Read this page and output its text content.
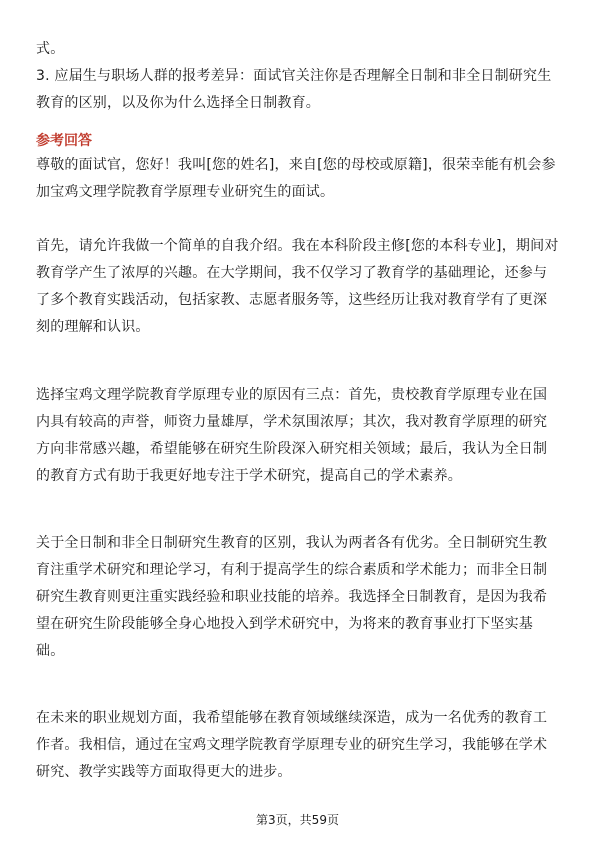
式。

3. 应届生与职场人群的报考差异：面试官关注你是否理解全日制和非全日制研究生教育的区别，以及你为什么选择全日制教育。

参考回答

尊敬的面试官，您好！我叫[您的姓名]，来自[您的母校或原籍]，很荣幸能有机会参加宝鸡文理学院教育学原理专业研究生的面试。

首先，请允许我做一个简单的自我介绍。我在本科阶段主修[您的本科专业]，期间对教育学产生了浓厚的兴趣。在大学期间，我不仅学习了教育学的基础理论，还参与了多个教育实践活动，包括家教、志愿者服务等，这些经历让我对教育学有了更深刻的理解和认识。

选择宝鸡文理学院教育学原理专业的原因有三点：首先，贵校教育学原理专业在国内具有较高的声誉，师资力量雄厚，学术氛围浓厚；其次，我对教育学原理的研究方向非常感兴趣，希望能够在研究生阶段深入研究相关领域；最后，我认为全日制的教育方式有助于我更好地专注于学术研究，提高自己的学术素养。

关于全日制和非全日制研究生教育的区别，我认为两者各有优劣。全日制研究生教育注重学术研究和理论学习，有利于提高学生的综合素质和学术能力；而非全日制研究生教育则更注重实践经验和职业技能的培养。我选择全日制教育，是因为我希望在研究生阶段能够全身心地投入到学术研究中，为将来的教育事业打下坚实基础。

在未来的职业规划方面，我希望能够在教育领域继续深造，成为一名优秀的教育工作者。我相信，通过在宝鸡文理学院教育学原理专业的研究生学习，我能够在学术研究、教学实践等方面取得更大的进步。

第3页，共59页
